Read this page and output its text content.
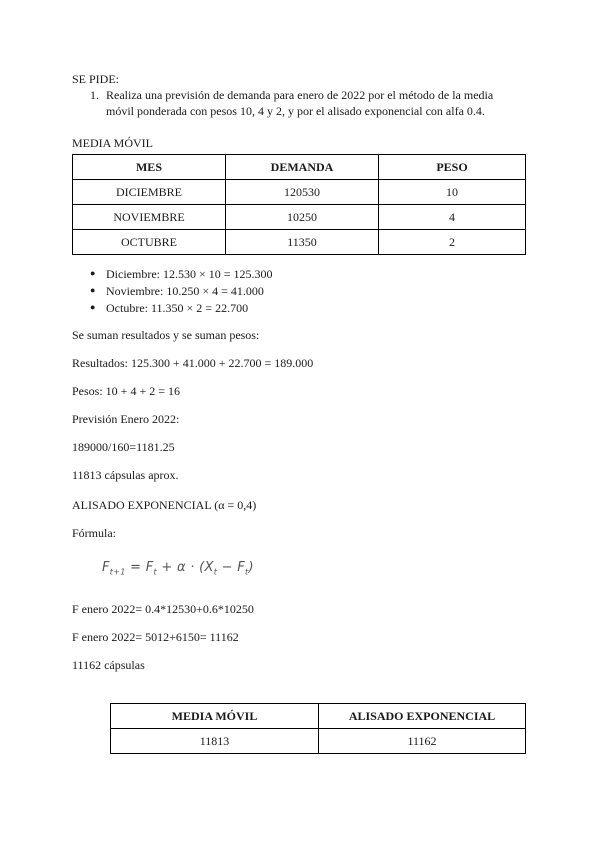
SE PIDE:
1. Realiza una previsión de demanda para enero de 2022 por el método de la media
móvil ponderada con pesos 10, 4 y 2, y por el alisado exponencial con alfa 0.4.
MEDIA MÓVIL
MES	DEMANDA	PESO
DICIEMBRE	120530	10
NOVIEMBRE	10250	4
OCTUBRE	11350	2
● Diciembre: 12.530 × 10 = 125.300
● Noviembre: 10.250 × 4 = 41.000
● Octubre: 11.350 × 2 = 22.700
Se suman resultados y se suman pesos:
Resultados: 125.300 + 41.000 + 22.700 = 189.000
Pesos: 10 + 4 + 2 = 16
Previsión Enero 2022:
189000/160=1181.25
11813 cápsulas aprox.
ALISADO EXPONENCIAL (α = 0,4)
Fórmula:
$F_{t+1} = F_t + \alpha \cdot (X_t - F_t)$
F enero 2022= 0.4*12530+0.6*10250
F enero 2022= 5012+6150= 11162
11162 cápsulas
MEDIA MÓVIL	ALISADO EXPONENCIAL
11813	11162
